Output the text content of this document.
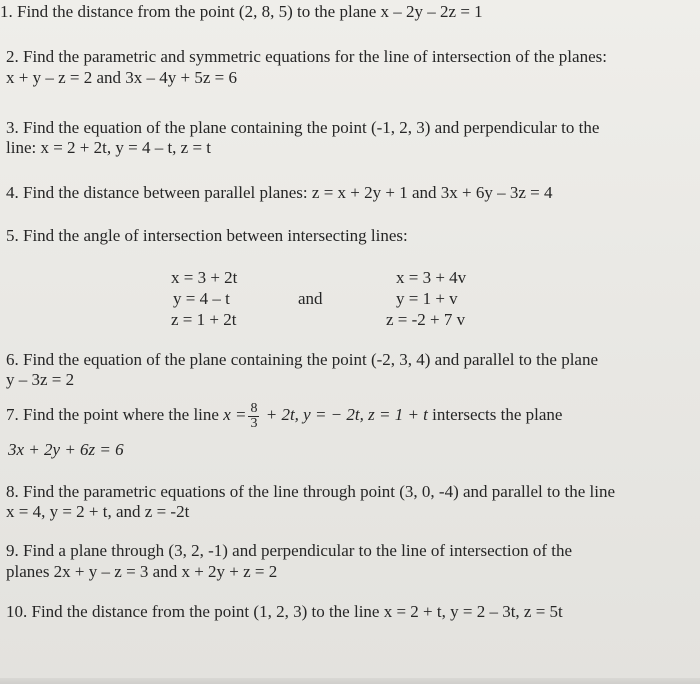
1. Find the distance from the point (2, 8, 5) to the plane x – 2y – 2z = 1
2. Find the parametric and symmetric equations for the line of intersection of the planes:
x + y – z = 2 and 3x – 4y + 5z = 6
3. Find the equation of the plane containing the point (-1, 2, 3) and perpendicular to the
line: x = 2 + 2t, y = 4 – t, z = t
4. Find the distance between parallel planes: z = x + 2y + 1 and 3x + 6y – 3z = 4
5. Find the angle of intersection between intersecting lines:
x = 3 + 2t
y = 4 – t
z = 1 + 2t
and
x = 3 + 4v
y = 1 + v
z = -2 + 7 v
6. Find the equation of the plane containing the point (-2, 3, 4) and parallel to the plane
y – 3z = 2
7. Find the point where the line $x = \frac{8}{3} + 2t$, y = − 2t, z = 1 + t intersects the plane
3x + 2y + 6z = 6
8. Find the parametric equations of the line through point (3, 0, -4) and parallel to the line
x = 4, y = 2 + t, and z = -2t
9. Find a plane through (3, 2, -1) and perpendicular to the line of intersection of the
planes 2x + y – z = 3 and x + 2y + z = 2
10. Find the distance from the point (1, 2, 3) to the line x = 2 + t, y = 2 – 3t, z = 5t
